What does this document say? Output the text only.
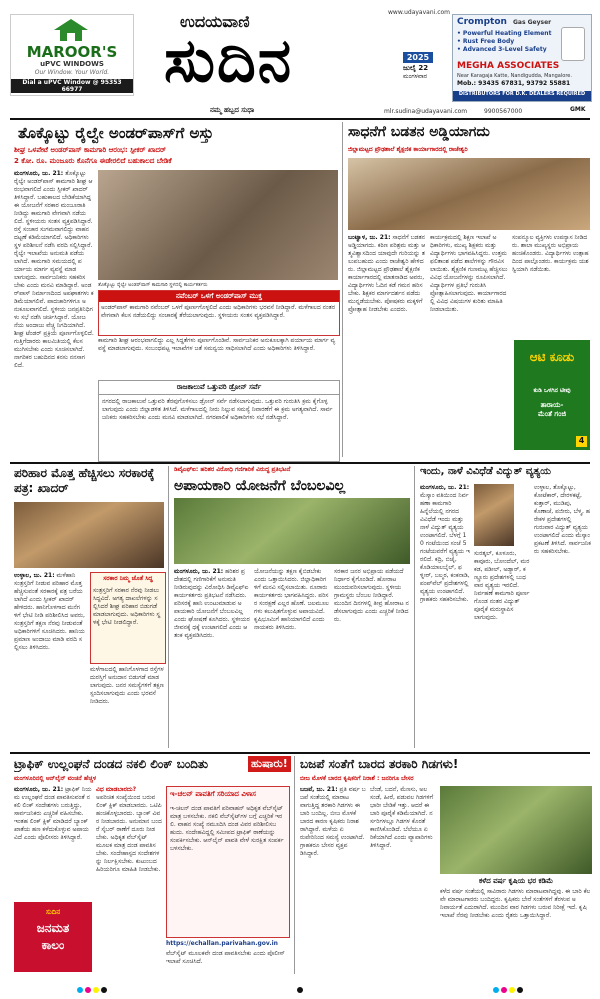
MAROOR'S
uPVC WINDOWS
Our Window. Your World.
Dial a uPVC Window @ 95353 66977
ಉದಯವಾಣಿ
ಸುದಿನ
ನಮ್ಮ ಹಬ್ಬದ ಸುಧಾ
www.udayavani.com
2025
ಜುಲೈ 22
ಮಂಗಳವಾರ
mlr.sudina@udayavani.com	9900567000
Crompton Gas Geyser
• Powerful Heating Element
• Rust Free Body
• Advanced 3-Level Safety
MEGHA ASSOCIATES
Near Karagaja Katte, Nandigudda, Mangalore.
Mob.: 93435 67831, 93792 55881
DISTRIBUTORS FOR D.K. DEALERS REQUIRED
GMK
ತೊಕ್ಕೊಟ್ಟು ರೈಲ್ವೇ ಅಂಡರ್‌ಪಾಸ್‌ಗೆ ಅಸ್ತು
ಶೀಘ್ರ ಒಳಪೇಟೆ ಅಂಡರ್‌ಪಾಸ್ ಕಾಮಗಾರಿ ಆರಂಭ: ಸ್ಪೀಕರ್ ಖಾದರ್
2 ಕೋ. ರೂ. ಮಂಜೂರು ಕೊನೆಗೂ ಈಡೇರಲಿದೆ ಬಹುಕಾಲದ ಬೇಡಿಕೆ
ಮಂಗಳೂರು, ಜು. 21: ತೊಕ್ಕೊಟ್ಟು ರೈಲ್ವೇ ಅಂಡರ್‌ಪಾಸ್ ಕಾಮಗಾರಿ ಶೀಘ್ರ ಆರಂಭವಾಗಲಿದೆ ಎಂದು ಸ್ಪೀಕರ್ ಖಾದರ್ ತಿಳಿಸಿದ್ದಾರೆ. ಬಹುಕಾಲದ ಬೇಡಿಕೆಯಾಗಿದ್ದ ಈ ಯೋಜನೆಗೆ ಸರಕಾರ ಮಂಜೂರಾತಿ ನೀಡಿದ್ದು ಕಾಮಗಾರಿ ವೇಗವಾಗಿ ನಡೆಯಲಿದೆ. ಸ್ಥಳೀಯರು ಸಂತಸ ವ್ಯಕ್ತಪಡಿಸಿದ್ದಾರೆ. ರಸ್ತೆ ಸಂಚಾರ ಸುಗಮವಾಗಲಿದ್ದು ವಾಹನ ದಟ್ಟಣೆ ಕಡಿಮೆಯಾಗಲಿದೆ. ಅಧಿಕಾರಿಗಳು ಸ್ಥಳ ಪರಿಶೀಲನೆ ನಡೆಸಿ ವರದಿ ಸಲ್ಲಿಸಿದ್ದಾರೆ. ರೈಲ್ವೇ ಇಲಾಖೆಯ ಅನುಮತಿ ಪಡೆಯಲಾಗಿದೆ. ಕಾಮಗಾರಿ ಸಮಯದಲ್ಲಿ ಪರ್ಯಾಯ ಮಾರ್ಗ ವ್ಯವಸ್ಥೆ ಮಾಡಲಾಗುವುದು. ಸಾರ್ವಜನಿಕರು ಸಹಕರಿಸಬೇಕು ಎಂದು ಮನವಿ ಮಾಡಿದ್ದಾರೆ. ಅಂಡರ್‌ಪಾಸ್ ನಿರ್ಮಾಣದಿಂದ ಅಪಘಾತಗಳು ಕಡಿಮೆಯಾಗಲಿವೆ. ಪಾದಚಾರಿಗಳಿಗೂ ಅನುಕೂಲವಾಗಲಿದೆ. ಸ್ಥಳೀಯ ಜನಪ್ರತಿನಿಧಿಗಳು ಸಭೆ ನಡೆಸಿ ಚರ್ಚಿಸಿದ್ದಾರೆ. ಯೋಜನೆಯ ಅಂದಾಜು ವೆಚ್ಚ ನಿಗದಿಯಾಗಿದೆ. ಶೀಘ್ರ ಟೆಂಡರ್ ಪ್ರಕ್ರಿಯೆ ಪೂರ್ಣಗೊಳ್ಳಲಿದೆ. ಗುತ್ತಿಗೆದಾರರು ಕಾಲಮಿತಿಯಲ್ಲಿ ಕೆಲಸ ಮುಗಿಸಬೇಕು ಎಂದು ಸೂಚಿಸಲಾಗಿದೆ. ನಾಗರಿಕರ ಬಹುದಿನದ ಕನಸು ನನಸಾಗಲಿದೆ.
ತೊಕ್ಕೊಟ್ಟು ರೈಲ್ವೇ ಅಂಡರ್‌ಪಾಸ್ ಕಾಮಗಾರಿ ಸ್ಥಳದಲ್ಲಿ ಕಾರ್ಯಕರ್ತರು
ನವೆಂಬರ್ ಒಳಗೆ ಅಂಡರ್‌ಪಾಸ್ ಮುಕ್ತ
ಅಂಡರ್‌ಪಾಸ್ ಕಾಮಗಾರಿ ನವೆಂಬರ್ ಒಳಗೆ ಪೂರ್ಣಗೊಳ್ಳಲಿದೆ ಎಂದು ಅಧಿಕಾರಿಗಳು ಭರವಸೆ ನೀಡಿದ್ದಾರೆ. ಮಳೆಗಾಲದ ನಂತರ ವೇಗವಾಗಿ ಕೆಲಸ ನಡೆಯಲಿದ್ದು ಸಂಚಾರಕ್ಕೆ ತೆರೆಯಲಾಗುವುದು. ಸ್ಥಳೀಯರು ಸಂತಸ ವ್ಯಕ್ತಪಡಿಸಿದ್ದಾರೆ.
ಕಾಮಗಾರಿ ಶೀಘ್ರ ಆರಂಭವಾಗಲಿದ್ದು ಎಲ್ಲ ಸಿದ್ಧತೆಗಳು ಪೂರ್ಣಗೊಂಡಿವೆ. ಸಾರ್ವಜನಿಕರ ಅನುಕೂಲಕ್ಕಾಗಿ ಪರ್ಯಾಯ ಮಾರ್ಗ ವ್ಯವಸ್ಥೆ ಮಾಡಲಾಗುವುದು. ಸಂಬಂಧಪಟ್ಟ ಇಲಾಖೆಗಳ ಜತೆ ಸಮನ್ವಯ ಸಾಧಿಸಲಾಗಿದೆ ಎಂದು ಅಧಿಕಾರಿಗಳು ತಿಳಿಸಿದ್ದಾರೆ.
ರಾಜಕಾಲುವೆ ಒತ್ತುವರಿ ಡ್ರೋನ್ ಸರ್ವೆ
ನಗರದಲ್ಲಿ ರಾಜಕಾಲುವೆ ಒತ್ತುವರಿ ತೆರವುಗೊಳಿಸಲು ಡ್ರೋನ್ ಸರ್ವೆ ನಡೆಸಲಾಗುವುದು. ಒತ್ತುವರಿ ಗುರುತಿಸಿ ಕ್ರಮ ಕೈಗೊಳ್ಳಲಾಗುವುದು ಎಂದು ಜಿಲ್ಲಾಡಳಿತ ತಿಳಿಸಿದೆ. ಮಳೆಗಾಲದಲ್ಲಿ ನೀರು ನಿಲ್ಲುವ ಸಮಸ್ಯೆ ನಿವಾರಣೆಗೆ ಈ ಕ್ರಮ ಅಗತ್ಯವಾಗಿದೆ. ಸಾರ್ವಜನಿಕರು ಸಹಕರಿಸಬೇಕು ಎಂದು ಮನವಿ ಮಾಡಲಾಗಿದೆ. ನಗರಪಾಲಿಕೆ ಅಧಿಕಾರಿಗಳು ಸಭೆ ನಡೆಸಿದ್ದಾರೆ.
ಸಾಧನೆಗೆ ಬಡತನ ಅಡ್ಡಿಯಾಗದು
ಜಿಲ್ಲಾಮಟ್ಟದ ಪ್ರೌಢಶಾಲೆ ಶೈಕ್ಷಣಿಕ ಕಾರ್ಯಾಗಾರದಲ್ಲಿ ರಾಜೇಶ್ವರಿ
ಬಂಟ್ವಾಳ, ಜು. 21: ಸಾಧನೆಗೆ ಬಡತನ ಅಡ್ಡಿಯಾಗದು. ಕಠಿಣ ಪರಿಶ್ರಮ ಮತ್ತು ಆತ್ಮವಿಶ್ವಾಸದಿಂದ ಯಾವುದೇ ಗುರಿಯನ್ನು ತಲುಪಬಹುದು ಎಂದು ರಾಜೇಶ್ವರಿ ಹೇಳಿದರು. ಜಿಲ್ಲಾಮಟ್ಟದ ಪ್ರೌಢಶಾಲೆ ಶೈಕ್ಷಣಿಕ ಕಾರ್ಯಾಗಾರದಲ್ಲಿ ಮಾತನಾಡಿದ ಅವರು, ವಿದ್ಯಾರ್ಥಿಗಳು ಓದಿನ ಕಡೆ ಗಮನ ಹರಿಸಬೇಕು. ಶಿಕ್ಷಕರ ಮಾರ್ಗದರ್ಶನ ಪಡೆದು ಮುನ್ನಡೆಯಬೇಕು. ಪೋಷಕರು ಮಕ್ಕಳಿಗೆ ಪ್ರೋತ್ಸಾಹ ನೀಡಬೇಕು ಎಂದರು.
ಕಾರ್ಯಕ್ರಮದಲ್ಲಿ ಶಿಕ್ಷಣ ಇಲಾಖೆ ಅಧಿಕಾರಿಗಳು, ಮುಖ್ಯ ಶಿಕ್ಷಕರು ಮತ್ತು ವಿದ್ಯಾರ್ಥಿಗಳು ಭಾಗವಹಿಸಿದ್ದರು. ಉತ್ತಮ ಫಲಿತಾಂಶ ಪಡೆದ ಶಾಲೆಗಳನ್ನು ಗೌರವಿಸಲಾಯಿತು. ಶೈಕ್ಷಣಿಕ ಗುಣಮಟ್ಟ ಹೆಚ್ಚಿಸಲು ವಿವಿಧ ಯೋಜನೆಗಳನ್ನು ರೂಪಿಸಲಾಗಿದೆ. ವಿದ್ಯಾರ್ಥಿಗಳ ಪ್ರತಿಭೆ ಗುರುತಿಸಿ ಪ್ರೋತ್ಸಾಹಿಸಲಾಗುವುದು. ಕಾರ್ಯಾಗಾರದಲ್ಲಿ ವಿವಿಧ ವಿಷಯಗಳ ಕುರಿತು ಮಾಹಿತಿ ನೀಡಲಾಯಿತು.
ಸಂಪನ್ಮೂಲ ವ್ಯಕ್ತಿಗಳು ಉಪನ್ಯಾಸ ನೀಡಿದರು. ಶಾಲಾ ಮುಖ್ಯಸ್ಥರು ಅಭಿಪ್ರಾಯ ಹಂಚಿಕೊಂಡರು. ವಿದ್ಯಾರ್ಥಿಗಳು ಉತ್ಸಾಹದಿಂದ ಪಾಲ್ಗೊಂಡರು. ಕಾರ್ಯಕ್ರಮ ಯಶಸ್ವಿಯಾಗಿ ನಡೆಯಿತು.
ಆಟಿ ಕೂಡು
ಕುಡಿ ಒಳಗಿನ ಟೀವು
ತಾರಾಯ-
ಮೆಂತೆ ಗಂಜಿ
4
ಪರಿಹಾರ ಮೊತ್ತ ಹೆಚ್ಚಿಸಲು ಸರಕಾರಕ್ಕೆ ಪತ್ರ: ಖಾದರ್
ಉಳ್ಳಾಲ, ಜು. 21: ಮಳೆಹಾನಿ ಸಂತ್ರಸ್ತರಿಗೆ ನೀಡುವ ಪರಿಹಾರ ಮೊತ್ತ ಹೆಚ್ಚಿಸುವಂತೆ ಸರಕಾರಕ್ಕೆ ಪತ್ರ ಬರೆಯಲಾಗಿದೆ ಎಂದು ಸ್ಪೀಕರ್ ಖಾದರ್ ಹೇಳಿದರು. ಹಾನಿಗೊಳಗಾದ ಮನೆಗಳಿಗೆ ಭೇಟಿ ನೀಡಿ ಪರಿಶೀಲಿಸಿದ ಅವರು, ಸಂತ್ರಸ್ತರಿಗೆ ತಕ್ಷಣ ನೆರವು ನೀಡುವಂತೆ ಅಧಿಕಾರಿಗಳಿಗೆ ಸೂಚಿಸಿದರು. ಹಾನಿಯ ಪ್ರಮಾಣ ಅಂದಾಜು ಮಾಡಿ ವರದಿ ಸಲ್ಲಿಸಲು ತಿಳಿಸಿದರು.
ಸರಕಾರ ನಿಮ್ಮ ಜೊತೆ ಸಿದ್ಧ
ಸಂತ್ರಸ್ತರಿಗೆ ಸರಕಾರ ನೆರವು ನೀಡಲು ಸಿದ್ಧವಿದೆ. ಅಗತ್ಯ ದಾಖಲೆಗಳನ್ನು ಸಲ್ಲಿಸಿದರೆ ಶೀಘ್ರ ಪರಿಹಾರ ಬಿಡುಗಡೆ ಮಾಡಲಾಗುವುದು. ಅಧಿಕಾರಿಗಳು ಸ್ಥಳಕ್ಕೆ ಭೇಟಿ ನೀಡಲಿದ್ದಾರೆ.
ಮಳೆಗಾಲದಲ್ಲಿ ಹಾನಿಗೊಳಗಾದ ರಸ್ತೆಗಳ ದುರಸ್ತಿಗೆ ಅನುದಾನ ಬಿಡುಗಡೆ ಮಾಡಲಾಗುವುದು. ಜನರ ಸಮಸ್ಯೆಗಳಿಗೆ ತಕ್ಷಣ ಸ್ಪಂದಿಸಲಾಗುವುದು ಎಂದು ಭರವಸೆ ನೀಡಿದರು.
ಡಿವೈಎಫ್‌ಐ: ಹರಿಶರ ವಿರೋಧಿ ಗಣಿಗಾರಿಕೆ ವಿರುದ್ಧ ಪ್ರತಿಭಟನೆ
ಅಪಾಯಕಾರಿ ಯೋಜನೆಗೆ ಬೆಂಬಲವಿಲ್ಲ
ಮಂಗಳೂರು, ಜು. 21: ಹರಿಶರ ಪ್ರದೇಶದಲ್ಲಿ ಗಣಿಗಾರಿಕೆಗೆ ಅನುಮತಿ ನೀಡಿರುವುದನ್ನು ವಿರೋಧಿಸಿ ಡಿವೈಎಫ್‌ಐ ಕಾರ್ಯಕರ್ತರು ಪ್ರತಿಭಟನೆ ನಡೆಸಿದರು. ಪರಿಸರಕ್ಕೆ ಹಾನಿ ಉಂಟುಮಾಡುವ ಅಪಾಯಕಾರಿ ಯೋಜನೆಗೆ ಬೆಂಬಲವಿಲ್ಲ ಎಂದು ಘೋಷಣೆ ಕೂಗಿದರು. ಸ್ಥಳೀಯರ ಜೀವನಕ್ಕೆ ಧಕ್ಕೆ ಉಂಟಾಗಲಿದೆ ಎಂದು ಆತಂಕ ವ್ಯಕ್ತಪಡಿಸಿದರು.
ಯೋಜನೆಯನ್ನು ತಕ್ಷಣ ಕೈಬಿಡಬೇಕು ಎಂದು ಒತ್ತಾಯಿಸಿದರು. ಜಿಲ್ಲಾಧಿಕಾರಿಗಳಿಗೆ ಮನವಿ ಸಲ್ಲಿಸಲಾಯಿತು. ನೂರಾರು ಕಾರ್ಯಕರ್ತರು ಭಾಗವಹಿಸಿದ್ದರು. ಪರಿಸರ ಸಂರಕ್ಷಣೆ ಎಲ್ಲರ ಹೊಣೆ. ಜಲಮೂಲಗಳು ಕಲುಷಿತಗೊಳ್ಳುವ ಅಪಾಯವಿದೆ. ಕೃಷಿಭೂಮಿಗೆ ಹಾನಿಯಾಗಲಿದೆ ಎಂದು ನಾಯಕರು ತಿಳಿಸಿದರು.
ಸರಕಾರ ಜನರ ಅಭಿಪ್ರಾಯ ಪಡೆಯದೆ ನಿರ್ಧಾರ ಕೈಗೊಂಡಿದೆ. ಹೋರಾಟ ಮುಂದುವರಿಸಲಾಗುವುದು. ಸ್ಥಳೀಯ ಗ್ರಾಮಸ್ಥರು ಬೆಂಬಲ ನೀಡಿದ್ದಾರೆ. ಮುಂದಿನ ದಿನಗಳಲ್ಲಿ ತೀವ್ರ ಹೋರಾಟ ನಡೆಸಲಾಗುವುದು ಎಂದು ಎಚ್ಚರಿಕೆ ನೀಡಿದರು.
ಇಂದು, ನಾಳೆ ವಿವಿಧೆಡೆ ವಿದ್ಯುತ್ ವ್ಯತ್ಯಯ
ಮಂಗಳೂರು, ಜು. 21: ಮೆಸ್ಕಾಂ ವತಿಯಿಂದ ನಿರ್ವಹಣಾ ಕಾಮಗಾರಿ ಹಿನ್ನೆಲೆಯಲ್ಲಿ ನಗರದ ವಿವಿಧೆಡೆ ಇಂದು ಮತ್ತು ನಾಳೆ ವಿದ್ಯುತ್ ವ್ಯತ್ಯಯ ಉಂಟಾಗಲಿದೆ. ಬೆಳಗ್ಗೆ 10 ಗಂಟೆಯಿಂದ ಸಂಜೆ 5 ಗಂಟೆಯವರೆಗೆ ವ್ಯತ್ಯಯ ಇರಲಿದೆ. ಕದ್ರಿ, ಬಿಜೈ, ಕೊಡಿಯಾಲಬೈಲ್, ಫಳ್ನೀರ್, ಬಲ್ಮಠ, ಕಂಕನಾಡಿ, ಪಂಪ್‌ವೆಲ್ ಪ್ರದೇಶಗಳಲ್ಲಿ ವ್ಯತ್ಯಯ ಉಂಟಾಗಲಿದೆ. ಗ್ರಾಹಕರು ಸಹಕರಿಸಬೇಕು.
ಸುರತ್ಕಲ್, ಕೂಳೂರು, ಕಾವೂರು, ಬೋಂದೆಲ್, ಮರಕಡ, ಪಡೀಲ್, ಅಡ್ಯಾರ್, ಕಣ್ಣೂರು ಪ್ರದೇಶಗಳಲ್ಲಿ ಬುಧವಾರ ವ್ಯತ್ಯಯ ಇರಲಿದೆ. ನಿರ್ವಹಣೆ ಕಾಮಗಾರಿ ಪೂರ್ಣಗೊಂಡ ನಂತರ ವಿದ್ಯುತ್ ಪೂರೈಕೆ ಮರುಸ್ಥಾಪಿಸಲಾಗುವುದು.
ಉಳ್ಳಾಲ, ತೊಕ್ಕೊಟ್ಟು, ಕೋಟೆಕಾರ್, ದೇರಳಕಟ್ಟೆ, ಕುತ್ತಾರ್, ಮುಡಿಪು, ಕೊಣಾಜೆ, ಪಜೀರು, ಬೆಳ್ಮ, ಹರೇಕಳ ಪ್ರದೇಶಗಳಲ್ಲಿ ಗುರುವಾರ ವಿದ್ಯುತ್ ವ್ಯತ್ಯಯ ಉಂಟಾಗಲಿದೆ ಎಂದು ಮೆಸ್ಕಾಂ ಪ್ರಕಟಣೆ ತಿಳಿಸಿದೆ. ಸಾರ್ವಜನಿಕರು ಸಹಕರಿಸಬೇಕು.
ಟ್ರಾಫಿಕ್ ಉಲ್ಲಂಘನೆ ದಂಡದ ನಕಲಿ ಲಿಂಕ್ ಬಂದಿತು	ಹುಷಾರು!
ಮಂಗಳೂರಿನಲ್ಲಿ ಆನ್‌ಲೈನ್ ವಂಚನೆ ಹೆಚ್ಚಳ
ಮಂಗಳೂರು, ಜು. 21: ಟ್ರಾಫಿಕ್ ನಿಯಮ ಉಲ್ಲಂಘನೆ ದಂಡ ಪಾವತಿಸುವಂತೆ ನಕಲಿ ಲಿಂಕ್ ಸಂದೇಶಗಳು ಬರುತ್ತಿದ್ದು, ಸಾರ್ವಜನಿಕರು ಎಚ್ಚರಿಕೆ ವಹಿಸಬೇಕು. ಇಂತಹ ಲಿಂಕ್ ಕ್ಲಿಕ್ ಮಾಡಿದರೆ ಬ್ಯಾಂಕ್ ಖಾತೆಯ ಹಣ ಕಳೆದುಕೊಳ್ಳುವ ಅಪಾಯವಿದೆ ಎಂದು ಪೊಲೀಸರು ತಿಳಿಸಿದ್ದಾರೆ.
ಸುದಿನ
ಜನಮತ
ಕಾಲಂ
ವಿಧ ಮಾಡಬಾರದು?
ಅಪರಿಚಿತ ಸಂಖ್ಯೆಯಿಂದ ಬರುವ ಲಿಂಕ್ ಕ್ಲಿಕ್ ಮಾಡಬಾರದು. ಒಟಿಪಿ ಹಂಚಿಕೊಳ್ಳಬಾರದು. ಬ್ಯಾಂಕ್ ವಿವರ ನೀಡಬಾರದು. ಅನುಮಾನ ಬಂದರೆ ಸೈಬರ್ ಠಾಣೆಗೆ ದೂರು ನೀಡಬೇಕು. ಅಧಿಕೃತ ವೆಬ್‌ಸೈಟ್ ಮೂಲಕ ಮಾತ್ರ ದಂಡ ಪಾವತಿಸಬೇಕು. ಸಂದೇಹಾಸ್ಪದ ಸಂದೇಶಗಳನ್ನು ನಿರ್ಲಕ್ಷಿಸಬೇಕು. ಕುಟುಂಬದ ಹಿರಿಯರಿಗೂ ಮಾಹಿತಿ ನೀಡಬೇಕು.
ಇ-ಚಲನ್ ಪಾವತಿಗೆ ಸರಿಯಾದ ವಿಳಾಸ
ಇ-ಚಲನ್ ದಂಡ ಪಾವತಿಗೆ ಪರಿವಾಹನ್ ಅಧಿಕೃತ ವೆಬ್‌ಸೈಟ್ ಮಾತ್ರ ಬಳಸಬೇಕು. ನಕಲಿ ವೆಬ್‌ಸೈಟ್‌ಗಳ ಬಗ್ಗೆ ಎಚ್ಚರಿಕೆ ಇರಲಿ. ವಾಹನ ಸಂಖ್ಯೆ ನಮೂದಿಸಿ ದಂಡ ವಿವರ ಪರಿಶೀಲಿಸಬಹುದು. ಸಂದೇಹವಿದ್ದಲ್ಲಿ ಸಮೀಪದ ಟ್ರಾಫಿಕ್ ಠಾಣೆಯನ್ನು ಸಂಪರ್ಕಿಸಬೇಕು. ಆನ್‌ಲೈನ್ ಪಾವತಿ ವೇಳೆ ಸುರಕ್ಷಿತ ಸಂಪರ್ಕ ಬಳಸಬೇಕು.
https://echallan.parivahan.gov.in
ವೆಬ್‌ಸೈಟ್ ಮೂಲಕವೇ ದಂಡ ಪಾವತಿಸಬೇಕು ಎಂದು ಪೊಲೀಸ್ ಇಲಾಖೆ ಸೂಚಿಸಿದೆ.
ಬಜಪೆ ಸಂತೆಗೆ ಬಾರದ ತರಕಾರಿ ಗಿಡಗಳು!
ಬೀಜ ಮೊಳಕೆ ಬಾರದ ಕೃಷಿಕರಿಗೆ ನಿರಾಶೆ : ಜನರಿಗೂ ಬೇಸರ
ಬಜಪೆ, ಜು. 21: ಪ್ರತಿ ವರ್ಷ ಬಜಪೆ ಸಂತೆಯಲ್ಲಿ ಮಾರಾಟವಾಗುತ್ತಿದ್ದ ತರಕಾರಿ ಗಿಡಗಳು ಈ ಬಾರಿ ಬಂದಿಲ್ಲ. ಬೀಜ ಮೊಳಕೆ ಬಾರದ ಕಾರಣ ಕೃಷಿಕರು ನಿರಾಶರಾಗಿದ್ದಾರೆ. ಮಳೆಯ ಏರುಪೇರಿನಿಂದ ಸಮಸ್ಯೆ ಉಂಟಾಗಿದೆ. ಗ್ರಾಹಕರೂ ಬೇಸರ ವ್ಯಕ್ತಪಡಿಸಿದ್ದಾರೆ.
ಬೆಂಡೆ, ಬದನೆ, ಮೆಣಸು, ಅಲಸಂಡೆ, ಹೀರೆ, ಪಡುವಲ ಗಿಡಗಳಿಗೆ ಭಾರೀ ಬೇಡಿಕೆ ಇತ್ತು. ಆದರೆ ಈ ಬಾರಿ ಪೂರೈಕೆ ಕಡಿಮೆಯಾಗಿದೆ. ನರ್ಸರಿಗಳಲ್ಲೂ ಗಿಡಗಳ ಕೊರತೆ ಕಾಣಿಸಿಕೊಂಡಿದೆ. ಬೆಲೆಯೂ ಏರಿಕೆಯಾಗಿದೆ ಎಂದು ವ್ಯಾಪಾರಿಗಳು ತಿಳಿಸಿದ್ದಾರೆ.
ಕಳೆದ ವರ್ಷ ಕೃಷಿಯ ಭರ ಕಡಿಮೆ
ಕಳೆದ ವರ್ಷ ಸಂತೆಯಲ್ಲಿ ಸಾವಿರಾರು ಗಿಡಗಳು ಮಾರಾಟವಾಗಿದ್ದವು. ಈ ಬಾರಿ ಕೆಲವೇ ಮಾರಾಟಗಾರರು ಬಂದಿದ್ದರು. ಕೃಷಿಕರು ಬೇರೆ ಸಂತೆಗಳಿಗೆ ತೆರಳುವ ಅನಿವಾರ್ಯತೆ ಎದುರಾಗಿದೆ. ಮುಂದಿನ ವಾರ ಗಿಡಗಳು ಬರುವ ನಿರೀಕ್ಷೆ ಇದೆ. ಕೃಷಿ ಇಲಾಖೆ ನೆರವು ನೀಡಬೇಕು ಎಂದು ರೈತರು ಒತ್ತಾಯಿಸಿದ್ದಾರೆ.
